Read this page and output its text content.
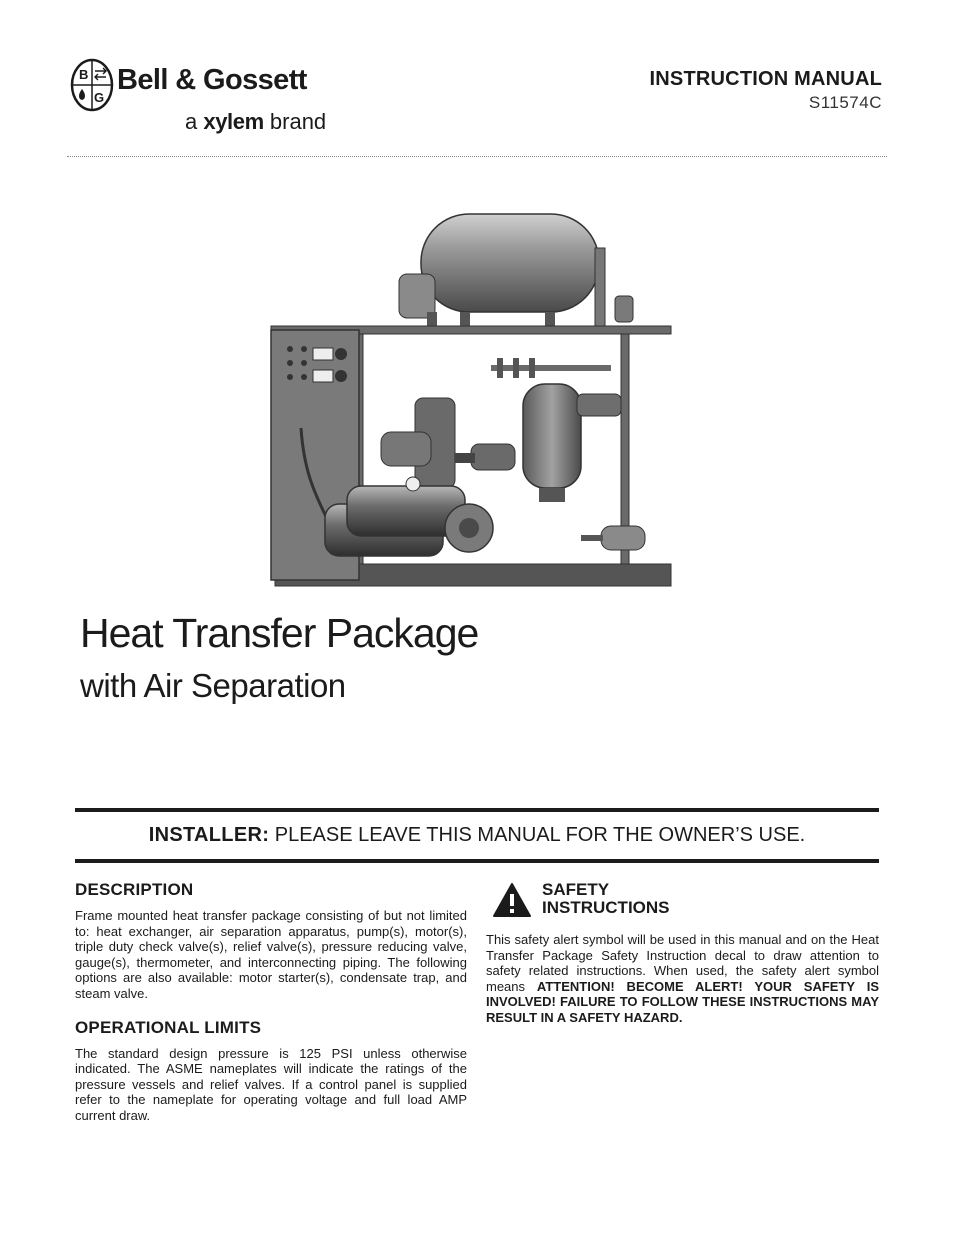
B
G
Bell & Gossett
a xylem brand
INSTRUCTION MANUAL
S11574C
Heat Transfer Package
with Air Separation
INSTALLER: PLEASE LEAVE THIS MANUAL FOR THE OWNER’S USE.
DESCRIPTION

Frame mounted heat transfer package consisting of but not limited to: heat exchanger, air separation apparatus, pump(s), motor(s), triple duty check valve(s), relief valve(s), pressure reducing valve, gauge(s), thermometer, and interconnecting piping. The following options are also available: motor starter(s), condensate trap, and steam valve.

OPERATIONAL LIMITS

The standard design pressure is 125 PSI unless otherwise indicated. The ASME nameplates will indicate the ratings of the pressure vessels and relief valves. If a control panel is supplied refer to the nameplate for operating voltage and full load AMP current draw.

SAFETY
INSTRUCTIONS

This safety alert symbol will be used in this manual and on the Heat Transfer Package Safety Instruction decal to draw attention to safety related instructions. When used, the safety alert symbol means ATTENTION! BECOME ALERT! YOUR SAFETY IS INVOLVED! FAILURE TO FOLLOW THESE INSTRUCTIONS MAY RESULT IN A SAFETY HAZARD.
